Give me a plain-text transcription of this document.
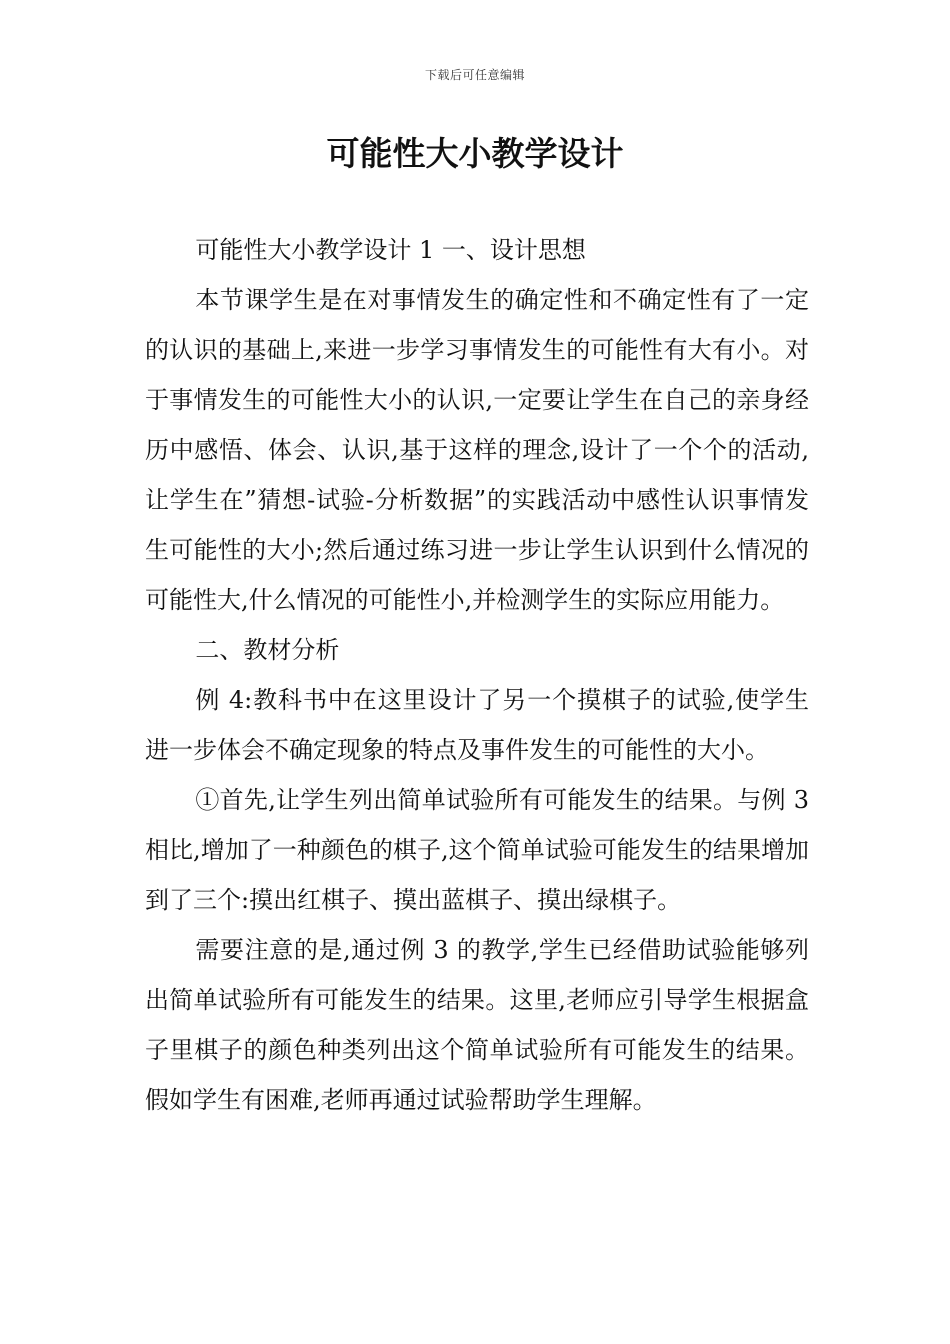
下载后可任意编辑
可能性大小教学设计

可能性大小教学设计 1 一、设计思想

本节课学生是在对事情发生的确定性和不确定性有了一定的认识的基础上,来进一步学习事情发生的可能性有大有小。对于事情发生的可能性大小的认识,一定要让学生在自己的亲身经历中感悟、体会、认识,基于这样的理念,设计了一个个的活动,让学生在”猜想-试验-分析数据”的实践活动中感性认识事情发生可能性的大小;然后通过练习进一步让学生认识到什么情况的可能性大,什么情况的可能性小,并检测学生的实际应用能力。

二、教材分析

例 4:教科书中在这里设计了另一个摸棋子的试验,使学生进一步体会不确定现象的特点及事件发生的可能性的大小。

①首先,让学生列出简单试验所有可能发生的结果。与例 3 相比,增加了一种颜色的棋子,这个简单试验可能发生的结果增加到了三个:摸出红棋子、摸出蓝棋子、摸出绿棋子。

需要注意的是,通过例 3 的教学,学生已经借助试验能够列出简单试验所有可能发生的结果。这里,老师应引导学生根据盒子里棋子的颜色种类列出这个简单试验所有可能发生的结果。假如学生有困难,老师再通过试验帮助学生理解。
